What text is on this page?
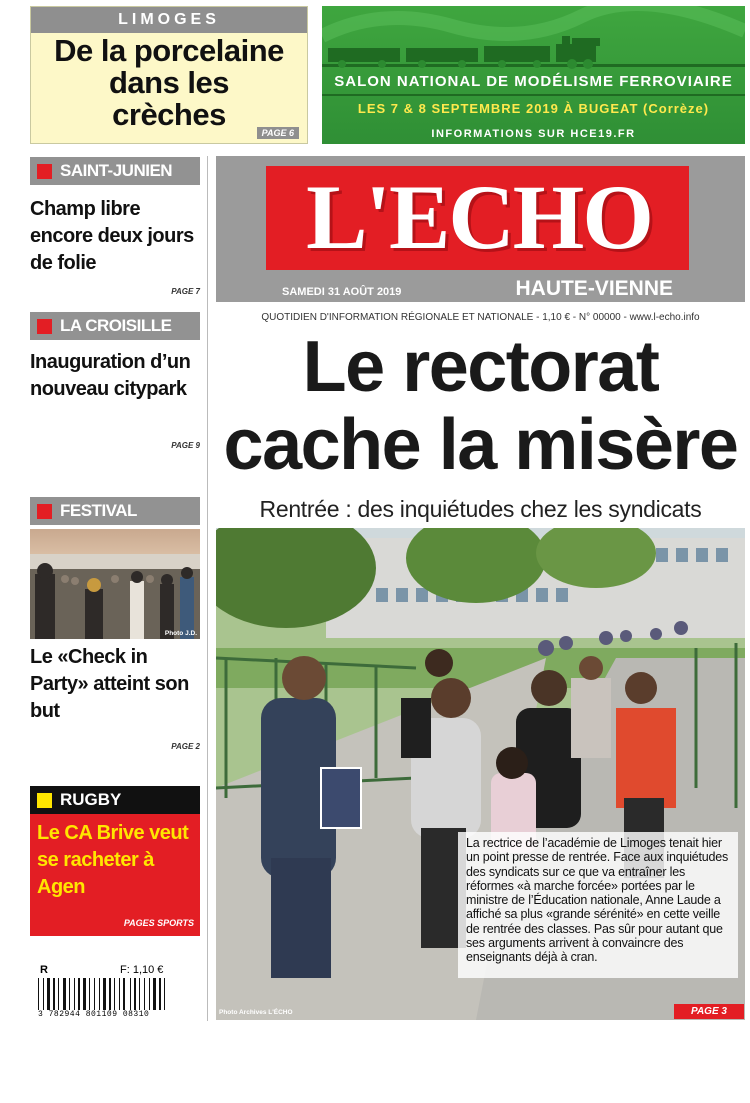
LIMOGES
De la porcelaine dans les crèches
PAGE 6
SALON NATIONAL DE MODÉLISME FERROVIAIRE
LES 7 & 8 SEPTEMBRE 2019 À BUGEAT (Corrèze)
INFORMATIONS SUR HCE19.FR
SAINT-JUNIEN
Champ libre encore deux jours de folie
PAGE 7
LA CROISILLE
Inauguration d’un nouveau citypark
PAGE 9
FESTIVAL
Photo J.D.
Le «Check in Party» atteint son but
PAGE 2
L'ECHO
SAMEDI 31 AOÛT 2019	HAUTE-VIENNE
QUOTIDIEN D'INFORMATION RÉGIONALE ET NATIONALE - 1,10 € - N° 00000 - www.l-echo.info
Le rectorat cache la misère
Rentrée : des inquiétudes chez les syndicats
La rectrice de l’académie de Limoges tenait hier un point presse de rentrée. Face aux inquiétudes des syndicats sur ce que va entraîner les réformes «à marche forcée» portées par le ministre de l’Éducation nationale, Anne Laude a affiché sa plus «grande sérénité» en cette veille de rentrée des classes. Pas sûr pour autant que ses arguments arrivent à convaincre des enseignants déjà à cran.
Photo Archives L'ÉCHO	PAGE 3
RUGBY
Le CA Brive veut se racheter à Agen
PAGES SPORTS
R	F: 1,10 €
3 782944 801109 08310
